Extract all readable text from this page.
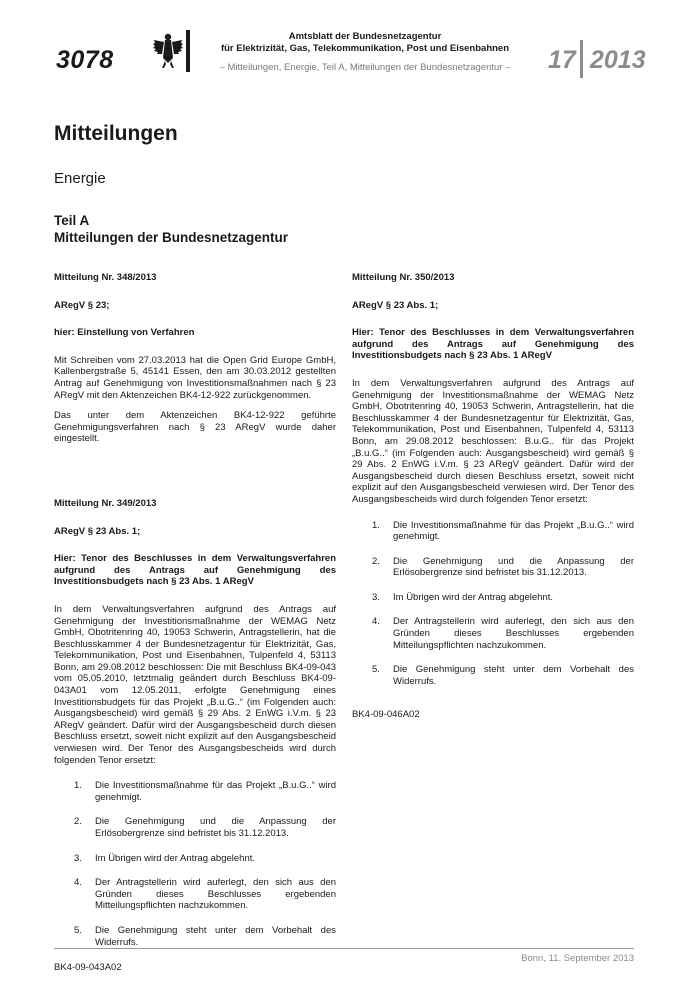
3078
Amtsblatt der Bundesnetzagentur
für Elektrizität, Gas, Telekommunikation, Post und Eisenbahnen
– Mitteilungen, Energie, Teil A, Mitteilungen der Bundesnetzagentur –	17 2013
Mitteilungen
Energie
Teil A
Mitteilungen der Bundesnetzagentur

Mitteilung Nr. 348/2013

ARegV § 23;

hier: Einstellung von Verfahren

Mit Schreiben vom 27.03.2013 hat die Open Grid Europe GmbH, Kallenbergstraße 5, 45141 Essen, den am 30.03.2012 gestellten Antrag auf Genehmigung von Investitionsmaßnahmen nach § 23 ARegV mit den Aktenzeichen BK4-12-922 zurückgenommen.

Das unter dem Aktenzeichen BK4-12-922 geführte Genehmigungsverfahren nach § 23 ARegV wurde daher eingestellt.

Mitteilung Nr. 349/2013

ARegV § 23 Abs. 1;

Hier: Tenor des Beschlusses in dem Verwaltungsverfahren aufgrund des Antrags auf Genehmigung des Investitionsbudgets nach § 23 Abs. 1 ARegV

In dem Verwaltungsverfahren aufgrund des Antrags auf Genehmigung der Investitionsmaßnahme der WEMAG Netz GmbH, Obotritenring 40, 19053 Schwerin, Antragstellerin, hat die Beschlusskammer 4 der Bundesnetzagentur für Elektrizität, Gas, Telekommunikation, Post und Eisenbahnen, Tulpenfeld 4, 53113 Bonn, am 29.08.2012 beschlossen: Die mit Beschluss BK4-09-043 vom 05.05.2010, letztmalig geändert durch Beschluss BK4-09-043A01 vom 12.05.2011, erfolgte Genehmigung eines Investitionsbudgets für das Projekt „B.u.G..“ (im Folgenden auch: Ausgangsbescheid) wird gemäß § 29 Abs. 2 EnWG i.V.m. § 23 ARegV geändert. Dafür wird der Ausgangsbescheid durch diesen Beschluss ersetzt, soweit nicht explizit auf den Ausgangsbescheid verwiesen wird. Der Tenor des Ausgangsbescheids wird durch folgenden Tenor ersetzt:

1.	Die Investitionsmaßnahme für das Projekt „B.u.G..“ wird genehmigt.
2.	Die Genehmigung und die Anpassung der Erlösobergrenze sind befristet bis 31.12.2013.
3.	Im Übrigen wird der Antrag abgelehnt.
4.	Der Antragstellerin wird auferlegt, den sich aus den Gründen dieses Beschlusses ergebenden Mitteilungspflichten nachzukommen.
5.	Die Genehmigung steht unter dem Vorbehalt des Widerrufs.

BK4-09-043A02

Mitteilung Nr. 350/2013

ARegV § 23 Abs. 1;

Hier: Tenor des Beschlusses in dem Verwaltungsverfahren aufgrund des Antrags auf Genehmigung des Investitionsbudgets nach § 23 Abs. 1 ARegV

In dem Verwaltungsverfahren aufgrund des Antrags auf Genehmigung der Investitionsmaßnahme der WEMAG Netz GmbH, Obotritenring 40, 19053 Schwerin, Antragstellerin, hat die Beschlusskammer 4 der Bundesnetzagentur für Elektrizität, Gas, Telekommunikation, Post und Eisenbahnen, Tulpenfeld 4, 53113 Bonn, am 29.08.2012 beschlossen: B.u.G.. für das Projekt „B.u.G..“ (im Folgenden auch: Ausgangsbescheid) wird gemäß § 29 Abs. 2 EnWG i.V.m. § 23 ARegV geändert. Dafür wird der Ausgangsbescheid durch diesen Beschluss ersetzt, soweit nicht explizit auf den Ausgangsbescheid verwiesen wird. Der Tenor des Ausgangsbescheids wird durch folgenden Tenor ersetzt:

1.	Die Investitionsmaßnahme für das Projekt „B.u.G..“ wird genehmigt.
2.	Die Genehmigung und die Anpassung der Erlösobergrenze sind befristet bis 31.12.2013.
3.	Im Übrigen wird der Antrag abgelehnt.
4.	Der Antragstellerin wird auferlegt, den sich aus den Gründen dieses Beschlusses ergebenden Mitteilungspflichten nachzukommen.
5.	Die Genehmigung steht unter dem Vorbehalt des Widerrufs.

BK4-09-046A02

Bonn, 11. September 2013
